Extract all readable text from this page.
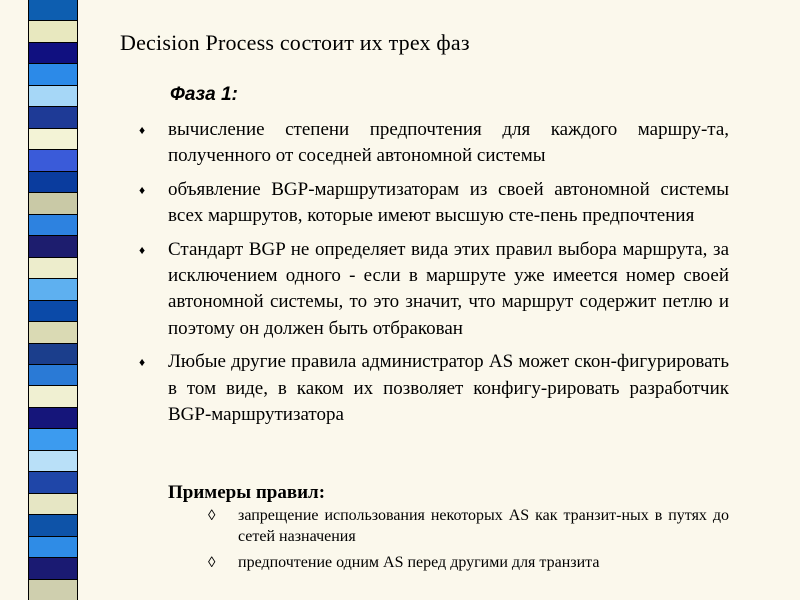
Decision Process состоит их трех фаз
Фаза 1:
♦ вычисление степени предпочтения для каждого маршру-та, полученного от соседней автономной системы
♦ объявление BGP-маршрутизаторам из своей автономной системы всех маршрутов, которые имеют высшую сте-пень предпочтения
♦ Стандарт BGP не определяет вида этих правил выбора маршрута, за исключением одного - если в маршруте уже имеется номер своей автономной системы, то это значит, что маршрут содержит петлю и поэтому он должен быть отбракован
♦ Любые другие правила администратор AS может скон-фигурировать в том виде, в каком их позволяет конфигу-рировать разработчик BGP-маршрутизатора
Примеры правил:
◊ запрещение использования некоторых AS как транзит-ных в путях до сетей назначения
◊ предпочтение одним AS перед другими для транзита
